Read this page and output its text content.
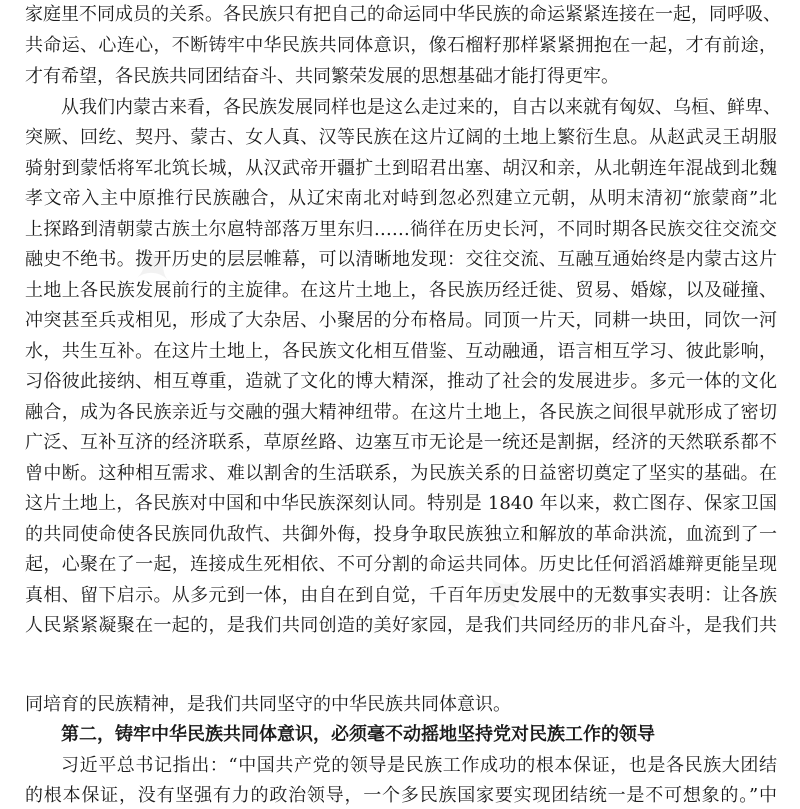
✦
✦
家庭里不同成员的关系。各民族只有把自己的命运同中华民族的命运紧紧连接在一起，同呼吸、
共命运、心连心，不断铸牢中华民族共同体意识，像石榴籽那样紧紧拥抱在一起，才有前途，
才有希望，各民族共同团结奋斗、共同繁荣发展的思想基础才能打得更牢。
从我们内蒙古来看，各民族发展同样也是这么走过来的，自古以来就有匈奴、乌桓、鲜卑、
突厥、回纥、契丹、蒙古、女人真、汉等民族在这片辽阔的土地上繁衍生息。从赵武灵王胡服
骑射到蒙恬将军北筑长城，从汉武帝开疆扩土到昭君出塞、胡汉和亲，从北朝连年混战到北魏
孝文帝入主中原推行民族融合，从辽宋南北对峙到忽必烈建立元朝，从明末清初“旅蒙商”北
上探路到清朝蒙古族土尔扈特部落万里东归……徜徉在历史长河，不同时期各民族交往交流交
融史不绝书。拨开历史的层层帷幕，可以清晰地发现：交往交流、互融互通始终是内蒙古这片
土地上各民族发展前行的主旋律。在这片土地上，各民族历经迁徙、贸易、婚嫁，以及碰撞、
冲突甚至兵戎相见，形成了大杂居、小聚居的分布格局。同顶一片天，同耕一块田，同饮一河
水，共生互补。在这片土地上，各民族文化相互借鉴、互动融通，语言相互学习、彼此影响，
习俗彼此接纳、相互尊重，造就了文化的博大精深，推动了社会的发展进步。多元一体的文化
融合，成为各民族亲近与交融的强大精神纽带。在这片土地上，各民族之间很早就形成了密切
广泛、互补互济的经济联系，草原丝路、边塞互市无论是一统还是割据，经济的天然联系都不
曾中断。这种相互需求、难以割舍的生活联系，为民族关系的日益密切奠定了坚实的基础。在
这片土地上，各民族对中国和中华民族深刻认同。特别是 1840 年以来，救亡图存、保家卫国
的共同使命使各民族同仇敌忾、共御外侮，投身争取民族独立和解放的革命洪流，血流到了一
起，心聚在了一起，连接成生死相依、不可分割的命运共同体。历史比任何滔滔雄辩更能呈现
真相、留下启示。从多元到一体，由自在到自觉，千百年历史发展中的无数事实表明：让各族
人民紧紧凝聚在一起的，是我们共同创造的美好家园，是我们共同经历的非凡奋斗，是我们共
同培育的民族精神，是我们共同坚守的中华民族共同体意识。
第二，铸牢中华民族共同体意识，必须毫不动摇地坚持党对民族工作的领导
习近平总书记指出：“中国共产党的领导是民族工作成功的根本保证，也是各民族大团结
的根本保证，没有坚强有力的政治领导，一个多民族国家要实现团结统一是不可想象的。”中
